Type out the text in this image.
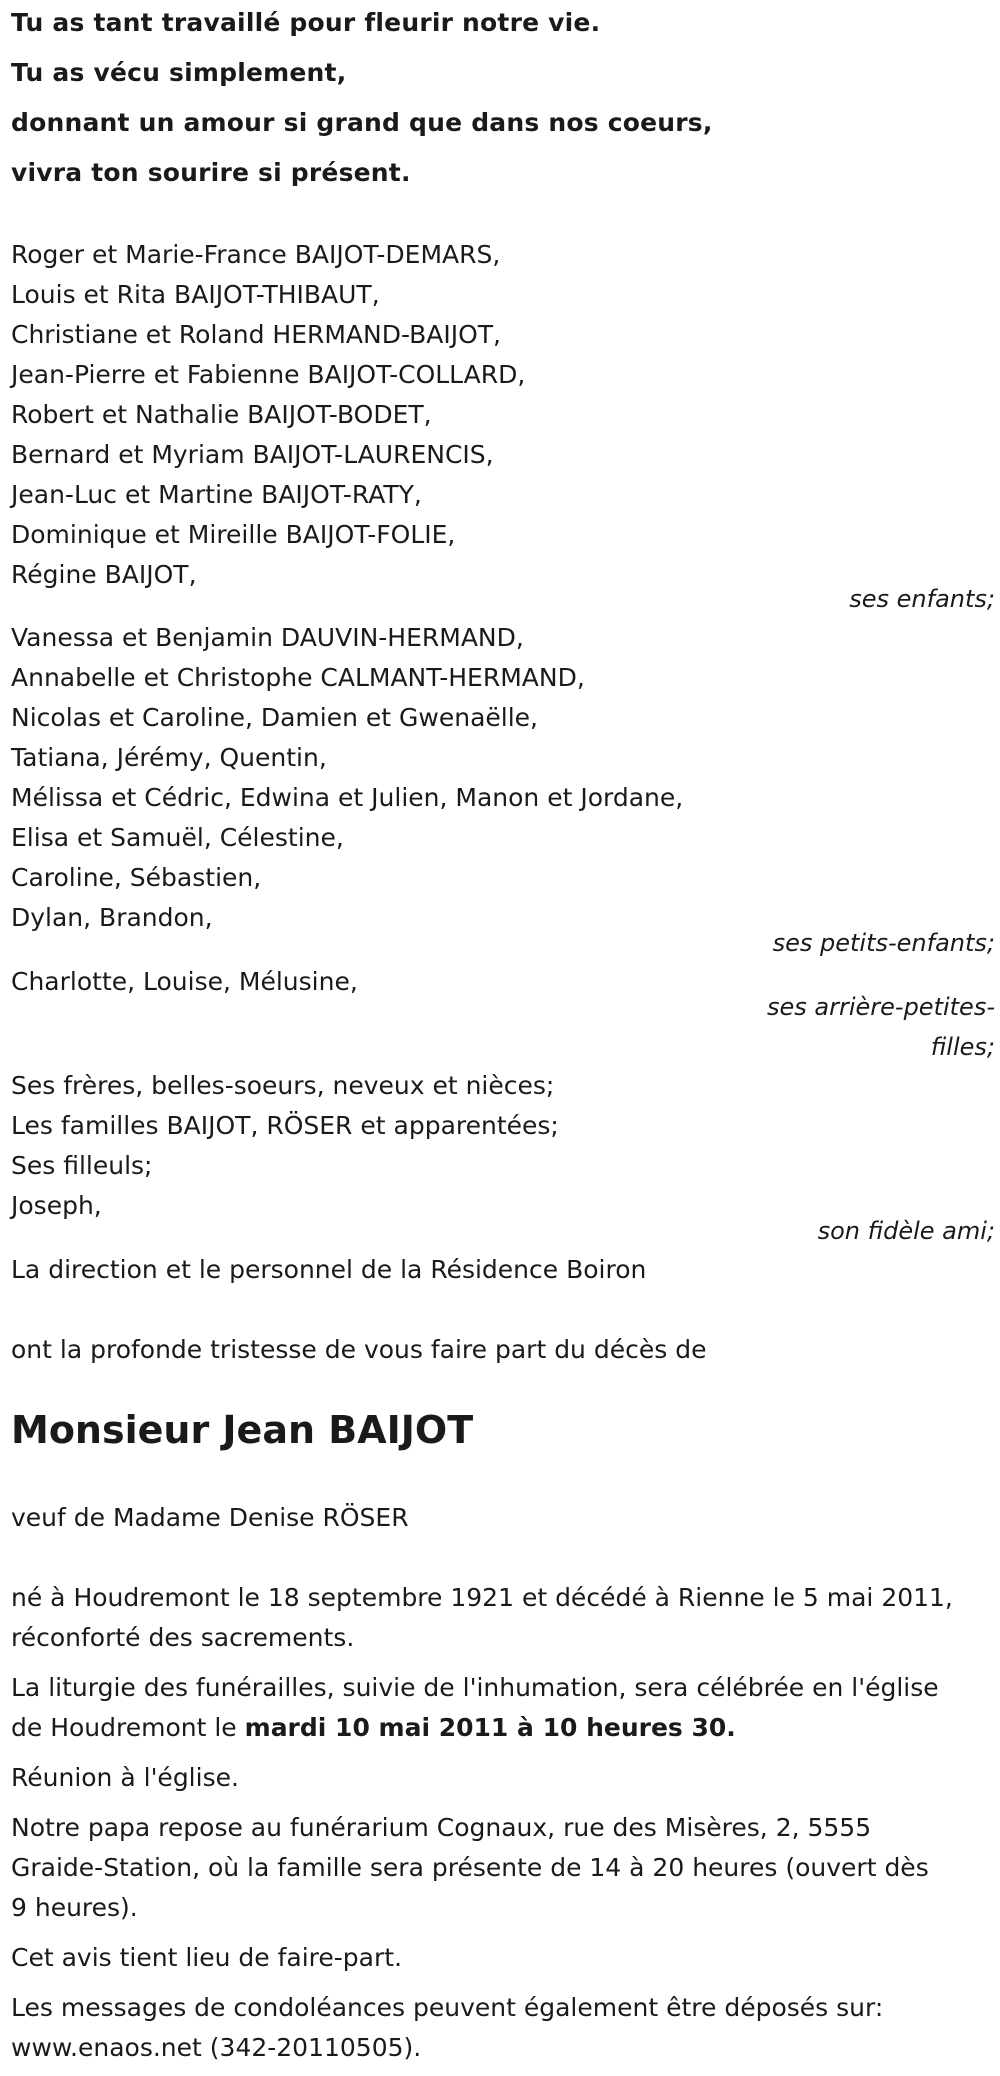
Tu as tant travaillé pour fleurir notre vie.
Tu as vécu simplement,
donnant un amour si grand que dans nos coeurs,
vivra ton sourire si présent.
Roger et Marie-France BAIJOT-DEMARS,
Louis et Rita BAIJOT-THIBAUT,
Christiane et Roland HERMAND-BAIJOT,
Jean-Pierre et Fabienne BAIJOT-COLLARD,
Robert et Nathalie BAIJOT-BODET,
Bernard et Myriam BAIJOT-LAURENCIS,
Jean-Luc et Martine BAIJOT-RATY,
Dominique et Mireille BAIJOT-FOLIE,
Régine BAIJOT,
ses enfants;
Vanessa et Benjamin DAUVIN-HERMAND,
Annabelle et Christophe CALMANT-HERMAND,
Nicolas et Caroline, Damien et Gwenaëlle,
Tatiana, Jérémy, Quentin,
Mélissa et Cédric, Edwina et Julien, Manon et Jordane,
Elisa et Samuël, Célestine,
Caroline, Sébastien,
Dylan, Brandon,
ses petits-enfants;
Charlotte, Louise, Mélusine,
ses arrière-petites-
filles;
Ses frères, belles-soeurs, neveux et nièces;
Les familles BAIJOT, RÖSER et apparentées;
Ses filleuls;
Joseph,
son fidèle ami;
La direction et le personnel de la Résidence Boiron
ont la profonde tristesse de vous faire part du décès de
Monsieur Jean BAIJOT
veuf de Madame Denise RÖSER
né à Houdremont le 18 septembre 1921 et décédé à Rienne le 5 mai 2011,
réconforté des sacrements.
La liturgie des funérailles, suivie de l'inhumation, sera célébrée en l'église
de Houdremont le mardi 10 mai 2011 à 10 heures 30.
Réunion à l'église.
Notre papa repose au funérarium Cognaux, rue des Misères, 2, 5555
Graide-Station, où la famille sera présente de 14 à 20 heures (ouvert dès
9 heures).
Cet avis tient lieu de faire-part.
Les messages de condoléances peuvent également être déposés sur:
www.enaos.net (342-20110505).
